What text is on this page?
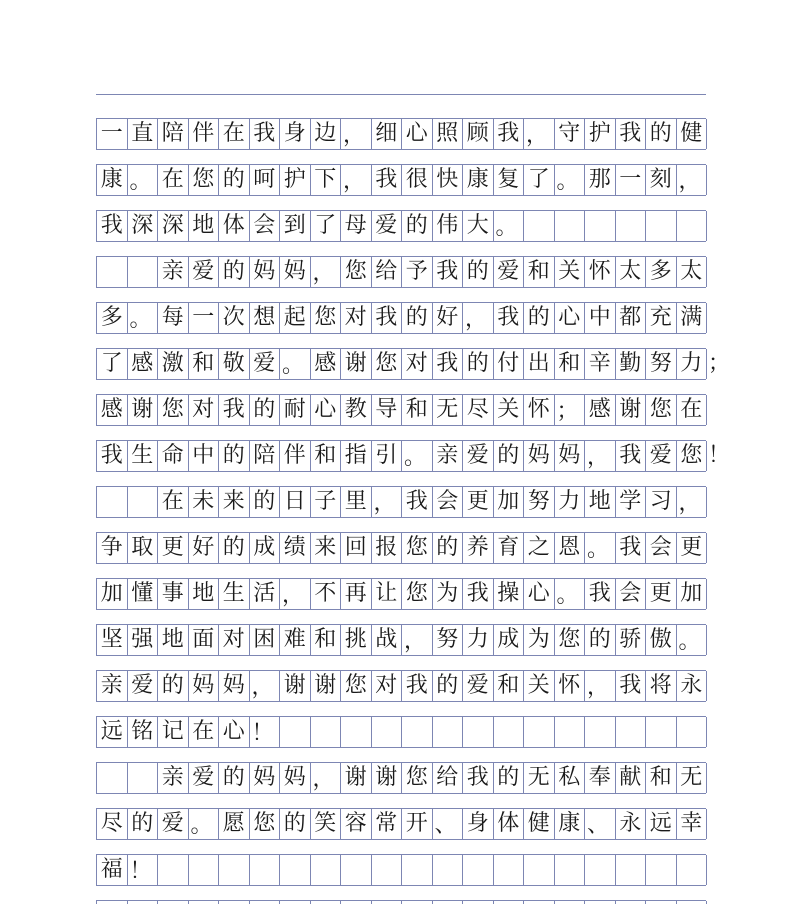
一 直 陪 伴 在 我 身 边 ， 细 心 照 顾 我 ， 守 护 我 的 健
康 。 在 您 的 呵 护 下 ， 我 很 快 康 复 了 。 那 一 刻 ，
我 深 深 地 体 会 到 了 母 爱 的 伟 大 。
亲 爱 的 妈 妈 ， 您 给 予 我 的 爱 和 关 怀 太 多 太
多 。 每 一 次 想 起 您 对 我 的 好 ， 我 的 心 中 都 充 满
了 感 激 和 敬 爱 。 感 谢 您 对 我 的 付 出 和 辛 勤 努 力
感 谢 您 对 我 的 耐 心 教 导 和 无 尽 关 怀 ； 感 谢 您 在
我 生 命 中 的 陪 伴 和 指 引 。 亲 爱 的 妈 妈 ， 我 爱 您
在 未 来 的 日 子 里 ， 我 会 更 加 努 力 地 学 习 ，
争 取 更 好 的 成 绩 来 回 报 您 的 养 育 之 恩 。 我 会 更
加 懂 事 地 生 活 ， 不 再 让 您 为 我 操 心 。 我 会 更 加
坚 强 地 面 对 困 难 和 挑 战 ， 努 力 成 为 您 的 骄 傲 。
亲 爱 的 妈 妈 ， 谢 谢 您 对 我 的 爱 和 关 怀 ， 我 将 永
远 铭 记 在 心 ！
亲 爱 的 妈 妈 ， 谢 谢 您 给 我 的 无 私 奉 献 和 无
尽 的 爱 。 愿 您 的 笑 容 常 开 、 身 体 健 康 、 永 远 幸
福 ！
；
！
